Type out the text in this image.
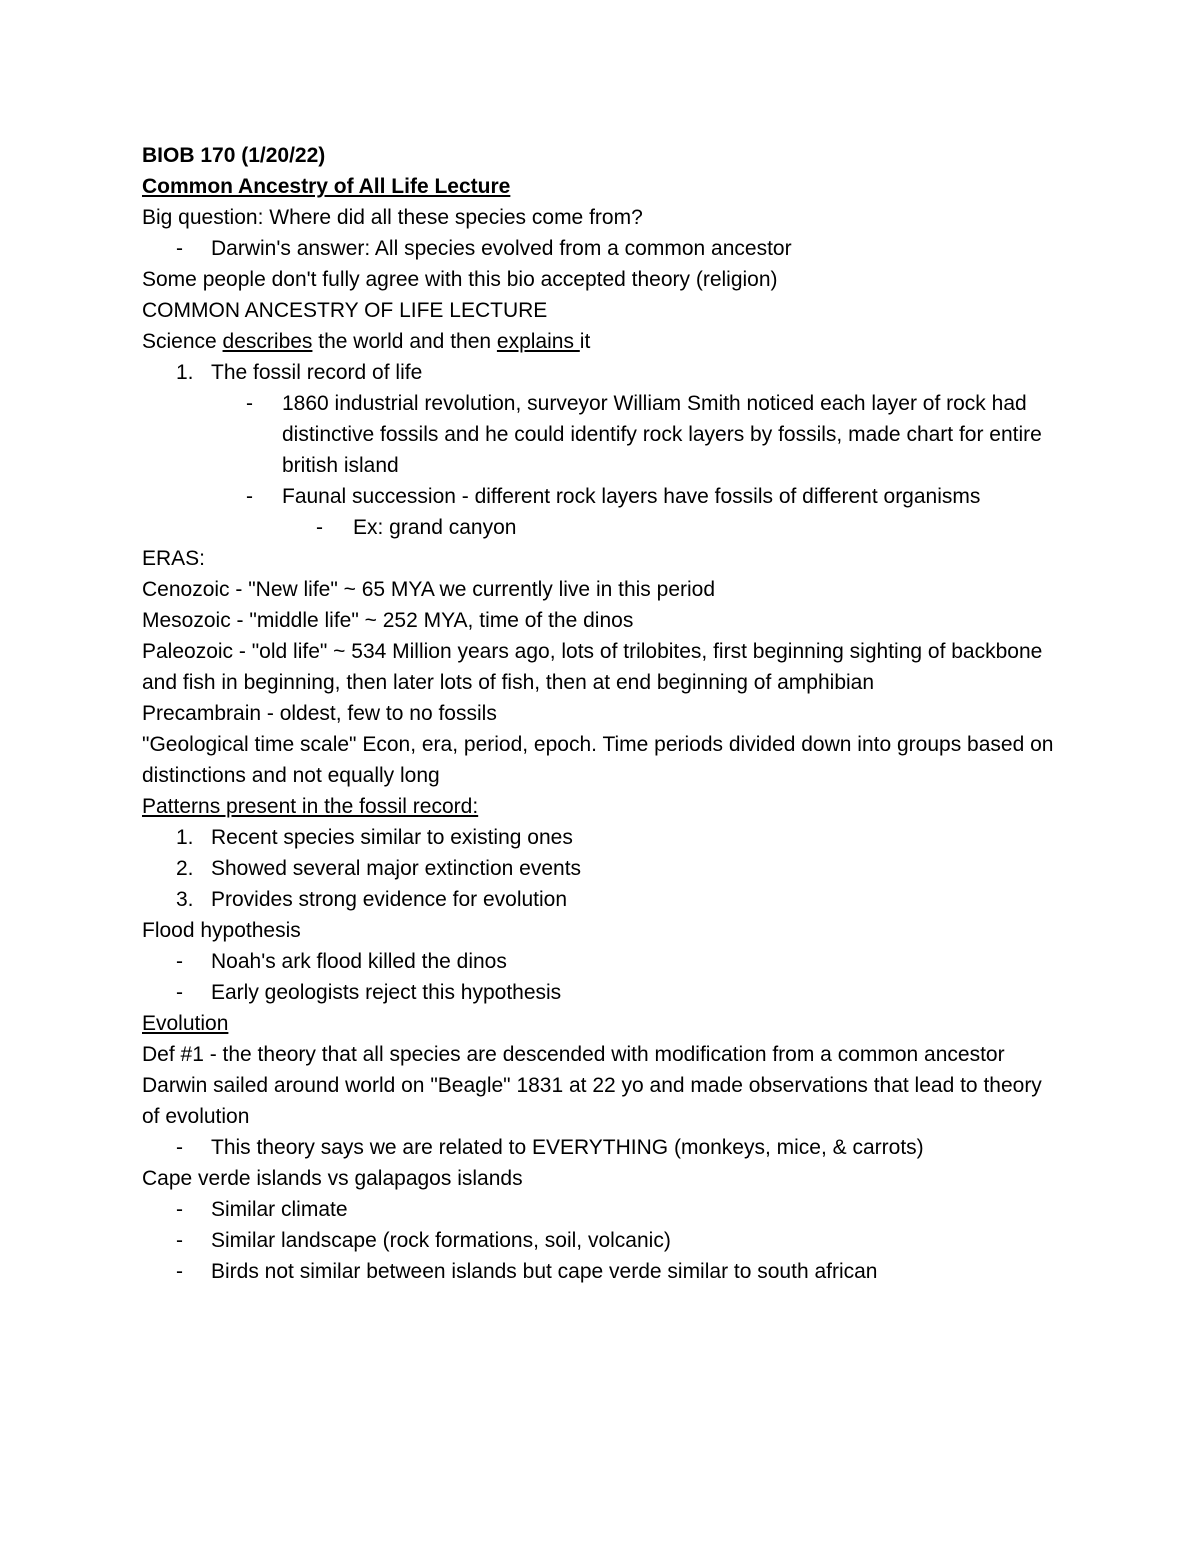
BIOB 170 (1/20/22)
Common Ancestry of All Life Lecture
Big question: Where did all these species come from?
-	Darwin's answer: All species evolved from a common ancestor
Some people don't fully agree with this bio accepted theory (religion)
COMMON ANCESTRY OF LIFE LECTURE
Science describes the world and then explains it
1. The fossil record of life
-	1860 industrial revolution, surveyor William Smith noticed each layer of rock had distinctive fossils and he could identify rock layers by fossils, made chart for entire british island
-	Faunal succession - different rock layers have fossils of different organisms
-	Ex: grand canyon
ERAS:
Cenozoic - "New life" ~ 65 MYA we currently live in this period
Mesozoic - "middle life" ~ 252 MYA, time of the dinos
Paleozoic - "old life" ~ 534 Million years ago, lots of trilobites, first beginning sighting of backbone and fish in beginning, then later lots of fish, then at end beginning of amphibian
Precambrain - oldest, few to no fossils
"Geological time scale" Econ, era, period, epoch. Time periods divided down into groups based on distinctions and not equally long
Patterns present in the fossil record:
1. Recent species similar to existing ones
2. Showed several major extinction events
3. Provides strong evidence for evolution
Flood hypothesis
-	Noah's ark flood killed the dinos
-	Early geologists reject this hypothesis
Evolution
Def #1 - the theory that all species are descended with modification from a common ancestor
Darwin sailed around world on "Beagle" 1831 at 22 yo and made observations that lead to theory of evolution
-	This theory says we are related to EVERYTHING (monkeys, mice, & carrots)
Cape verde islands vs galapagos islands
-	Similar climate
-	Similar landscape (rock formations, soil, volcanic)
-	Birds not similar between islands but cape verde similar to south african
